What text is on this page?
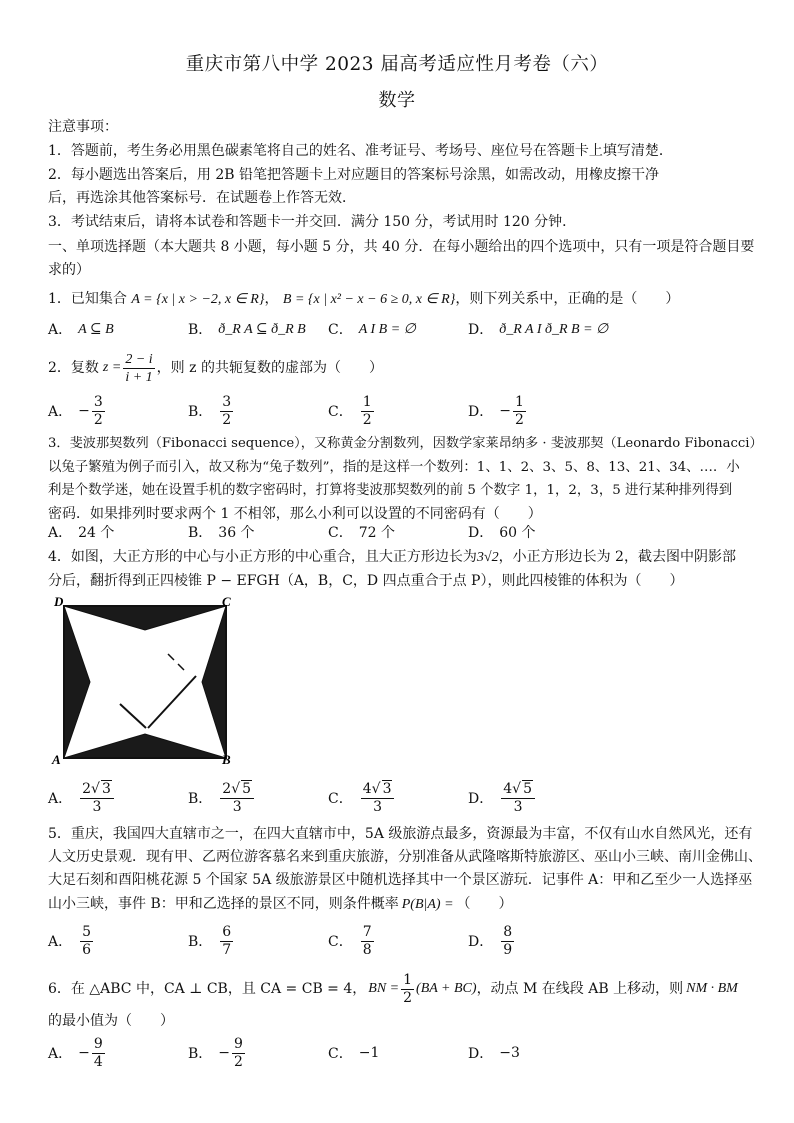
重庆市第八中学 2023 届高考适应性月考卷（六）
数学
注意事项：
1．答题前，考生务必用黑色碳素笔将自己的姓名、准考证号、考场号、座位号在答题卡上填写清楚．
2．每小题选出答案后，用 2B 铅笔把答题卡上对应题目的答案标号涂黑，如需改动，用橡皮擦干净
后，再选涂其他答案标号．在试题卷上作答无效．
3．考试结束后，请将本试卷和答题卡一并交回．满分 150 分，考试用时 120 分钟．
一、单项选择题（本大题共 8 小题，每小题 5 分，共 40 分．在每小题给出的四个选项中，只有一项是符合题目要
求的）
1．已知集合 A = {x | x > −2, x ∈ R}， B = {x | x² − x − 6 ≥ 0, x ∈ R}，则下列关系中，正确的是（　　）
A． A ⊆ B	B． ð_R A ⊆ ð_R B C． A I B = ∅	D． ð_R A I ð_R B = ∅
2．复数 $z = \frac{2 - i}{i + 1}$ ，则 z 的共轭复数的虚部为（　　）
A． − $\frac{3}{2}$	B． $\frac{3}{2}$	C． $\frac{1}{2}$	D． − $\frac{1}{2}$
3．斐波那契数列（Fibonacci sequence），又称黄金分割数列，因数学家莱昂纳多 · 斐波那契（Leonardo Fibonacci）
以兔子繁殖为例子而引入，故又称为“兔子数列”，指的是这样一个数列：1、1、2、3、5、8、13、21、34、…．小
利是个数学迷，她在设置手机的数字密码时，打算将斐波那契数列的前 5 个数字 1，1，2，3，5 进行某种排列得到
密码．如果排列时要求两个 1 不相邻，那么小利可以设置的不同密码有（　　）
A． 24 个	B． 36 个	C． 72 个	D． 60 个
4．如图，大正方形的中心与小正方形的中心重合，且大正方形边长为3√2，小正方形边长为 2，截去图中阴影部
分后，翻折得到正四棱锥 P − EFGH（A，B，C，D 四点重合于点 P），则此四棱锥的体积为（　　）
D	C
A	B
A． $\frac{2√ 3}{3}$	B． $\frac{2√ 5}{3}$	C． $\frac{4√ 3}{3}$	D． $\frac{4√ 5}{3}$
5．重庆，我国四大直辖市之一，在四大直辖市中，5A 级旅游点最多，资源最为丰富，不仅有山水自然风光，还有
人文历史景观．现有甲、乙两位游客慕名来到重庆旅游，分别准备从武隆喀斯特旅游区、巫山小三峡、南川金佛山、
大足石刻和酉阳桃花源 5 个国家 5A 级旅游景区中随机选择其中一个景区游玩．记事件 A：甲和乙至少一人选择巫
山小三峡，事件 B：甲和乙选择的景区不同，则条件概率 P(B|A) = （　　）
A． $\frac{5}{6}$	B． $\frac{6}{7}$	C． $\frac{7}{8}$	D． $\frac{8}{9}$
6．在 △ABC 中，CA ⊥ CB，且 CA = CB = 4， BN = $\frac{1}{2} (BA + BC)$ ，动点 M 在线段 AB 上移动，则 NM · BM
的最小值为（　　）
A． − $\frac{9}{4}$	B． − $\frac{9}{2}$	C． −1	D． −3
